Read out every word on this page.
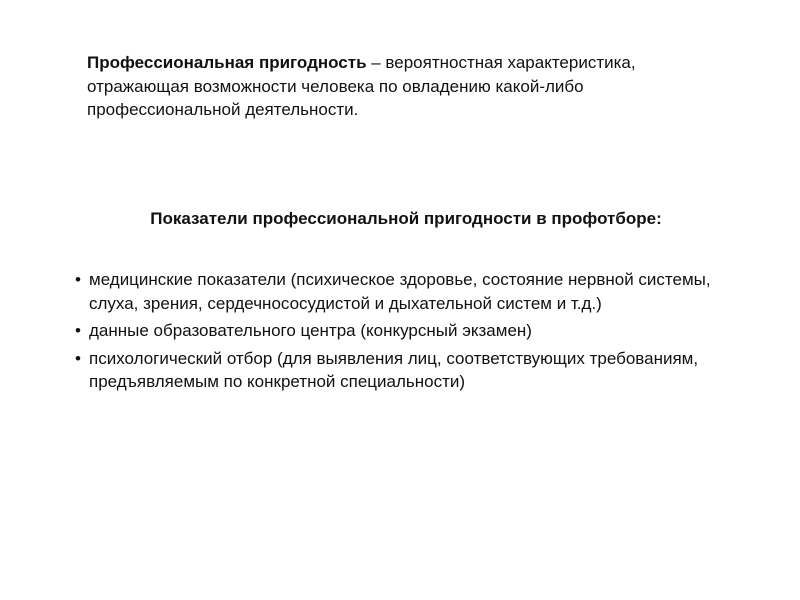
Профессиональная пригодность – вероятностная характеристика, отражающая возможности человека по овладению какой-либо профессиональной деятельности.

Показатели профессиональной пригодности в профотборе:
• медицинские показатели (психическое здоровье, состояние нервной системы, слуха, зрения, сердечнососудистой и дыхательной систем и т.д.)
• данные образовательного центра (конкурсный экзамен)
• психологический отбор (для выявления лиц, соответствующих требованиям, предъявляемым по конкретной специальности)
